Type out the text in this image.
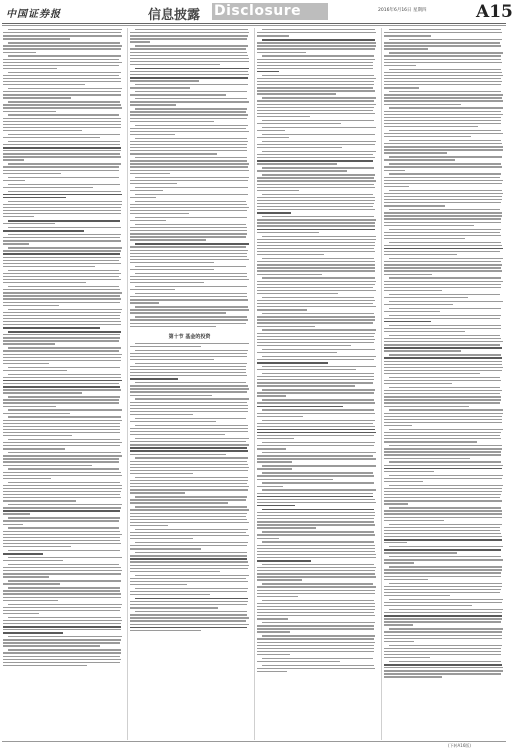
中国证券报	信息披露 Disclosure	2016年6月16日 星期四	A15
第十节 基金的投资
(下转A16版)
